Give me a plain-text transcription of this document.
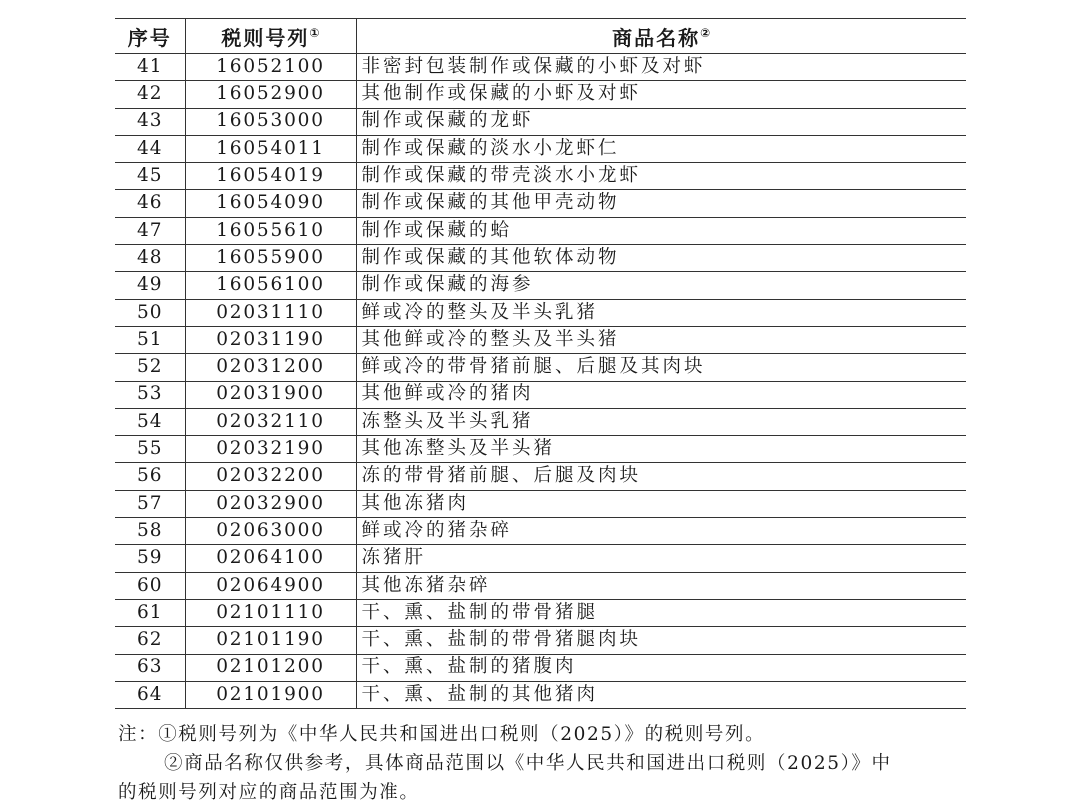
序号	税则号列①	商品名称②
41	16052100	非密封包装制作或保藏的小虾及对虾
42	16052900	其他制作或保藏的小虾及对虾
43	16053000	制作或保藏的龙虾
44	16054011	制作或保藏的淡水小龙虾仁
45	16054019	制作或保藏的带壳淡水小龙虾
46	16054090	制作或保藏的其他甲壳动物
47	16055610	制作或保藏的蛤
48	16055900	制作或保藏的其他软体动物
49	16056100	制作或保藏的海参
50	02031110	鲜或冷的整头及半头乳猪
51	02031190	其他鲜或冷的整头及半头猪
52	02031200	鲜或冷的带骨猪前腿、后腿及其肉块
53	02031900	其他鲜或冷的猪肉
54	02032110	冻整头及半头乳猪
55	02032190	其他冻整头及半头猪
56	02032200	冻的带骨猪前腿、后腿及肉块
57	02032900	其他冻猪肉
58	02063000	鲜或冷的猪杂碎
59	02064100	冻猪肝
60	02064900	其他冻猪杂碎
61	02101110	干、熏、盐制的带骨猪腿
62	02101190	干、熏、盐制的带骨猪腿肉块
63	02101200	干、熏、盐制的猪腹肉
64	02101900	干、熏、盐制的其他猪肉
注：①税则号列为《中华人民共和国进出口税则（2025）》的税则号列。
②商品名称仅供参考，具体商品范围以《中华人民共和国进出口税则（2025）》中
的税则号列对应的商品范围为准。
